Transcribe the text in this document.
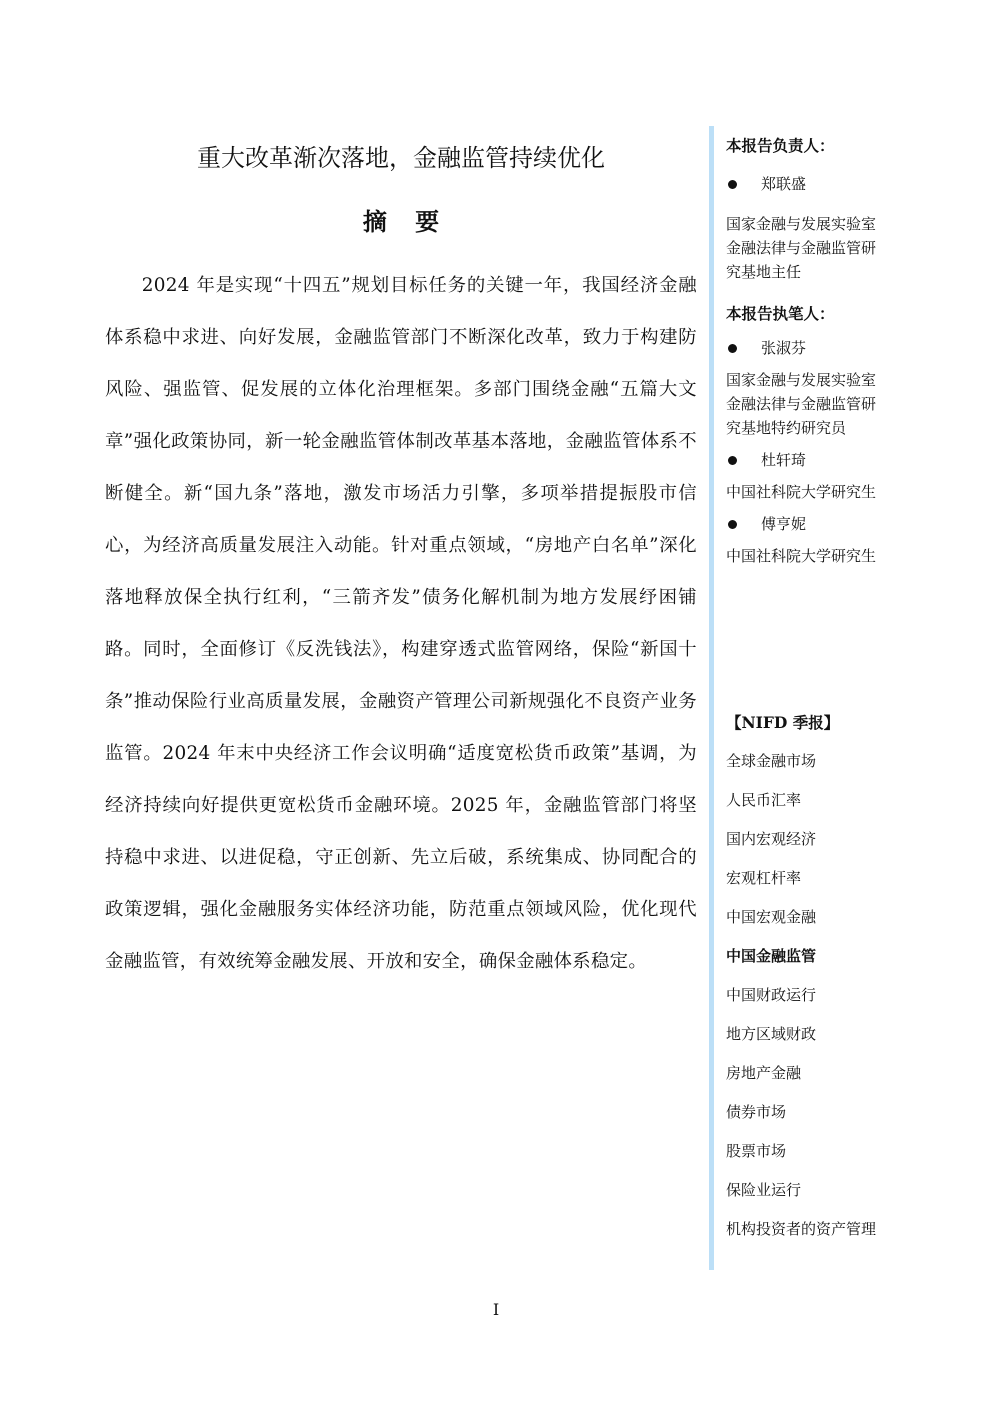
重大改革渐次落地，金融监管持续优化
摘 要

2024 年是实现“十四五”规划目标任务的关键一年，我国经济金融体系稳中求进、向好发展，金融监管部门不断深化改革，致力于构建防风险、强监管、促发展的立体化治理框架。多部门围绕金融“五篇大文章”强化政策协同，新一轮金融监管体制改革基本落地，金融监管体系不断健全。新“国九条”落地，激发市场活力引擎，多项举措提振股市信心，为经济高质量发展注入动能。针对重点领域，“房地产白名单”深化落地释放保全执行红利，“三箭齐发”债务化解机制为地方发展纾困铺路。同时，全面修订《反洗钱法》，构建穿透式监管网络，保险“新国十条”推动保险行业高质量发展，金融资产管理公司新规强化不良资产业务监管。2024 年末中央经济工作会议明确“适度宽松货币政策”基调，为经济持续向好提供更宽松货币金融环境。2025 年，金融监管部门将坚持稳中求进、以进促稳，守正创新、先立后破，系统集成、协同配合的政策逻辑，强化金融服务实体经济功能，防范重点领域风险，优化现代金融监管，有效统筹金融发展、开放和安全，确保金融体系稳定。

本报告负责人：
郑联盛
国家金融与发展实验室
金融法律与金融监管研
究基地主任
本报告执笔人：
张淑芬
国家金融与发展实验室
金融法律与金融监管研
究基地特约研究员
杜轩琦
中国社科院大学研究生
傅亨妮
中国社科院大学研究生
【NIFD 季报】
全球金融市场
人民币汇率
国内宏观经济
宏观杠杆率
中国宏观金融
中国金融监管
中国财政运行
地方区域财政
房地产金融
债券市场
股票市场
保险业运行
机构投资者的资产管理
I
